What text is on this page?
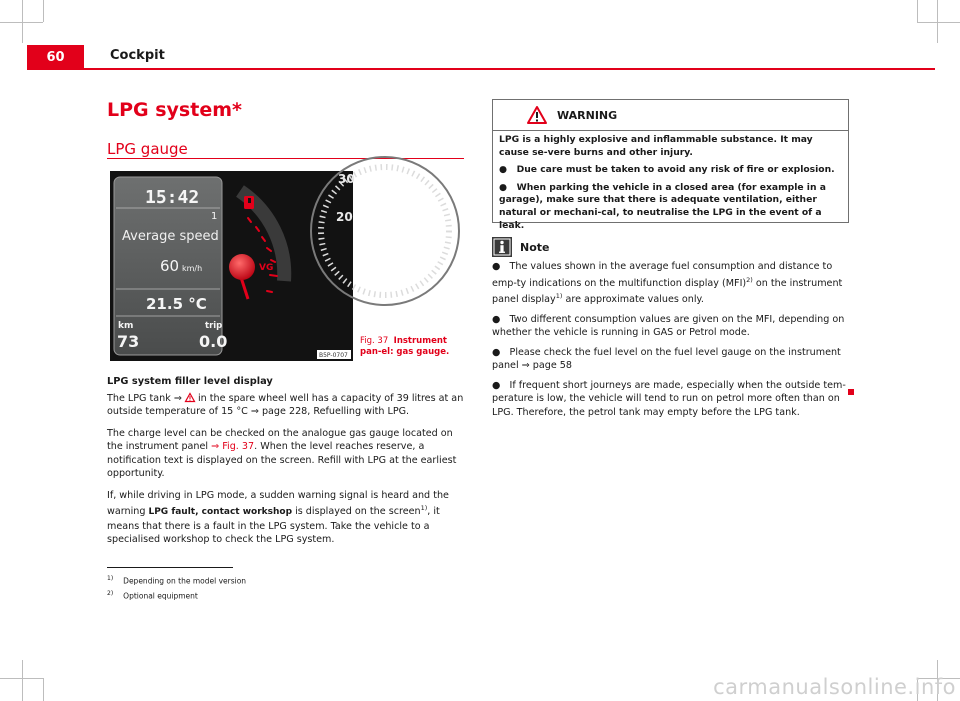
60	Cockpit
LPG system*
LPG gauge
15:42
1
Average speed
60 km/h
21.5 °C
km
73
trip
0.0
VG
30
20
B5P-0707
Fig. 37 Instrument pan-el: gas gauge.

LPG system filler level display

The LPG tank ⇒  in the spare wheel well has a capacity of 39 litres at an outside temperature of 15 °C ⇒ page 228, Refuelling with LPG.

The charge level can be checked on the analogue gas gauge located on the instrument panel ⇒ Fig. 37. When the level reaches reserve, a notification text is displayed on the screen. Refill with LPG at the earliest opportunity.

If, while driving in LPG mode, a sudden warning signal is heard and the warning LPG fault, contact workshop is displayed on the screen$^{1)}$, it means that there is a fault in the LPG system. Take the vehicle to a specialised workshop to check the LPG system.

WARNING

LPG is a highly explosive and inflammable substance. It may cause se-vere burns and other injury.

●   Due care must be taken to avoid any risk of fire or explosion.

●   When parking the vehicle in a closed area (for example in a garage), make sure that there is adequate ventilation, either natural or mechani-cal, to neutralise the LPG in the event of a leak.

Note

●   The values shown in the average fuel consumption and distance to emp-ty indications on the multifunction display (MFI)$^{2)}$ on the instrument panel display$^{1)}$ are approximate values only.

●   Two different consumption values are given on the MFI, depending on whether the vehicle is running in GAS or Petrol mode.

●   Please check the fuel level on the fuel level gauge on the instrument panel ⇒ page 58

●   If frequent short journeys are made, especially when the outside tem-perature is low, the vehicle will tend to run on petrol more often than on LPG. Therefore, the petrol tank may empty before the LPG tank.

$^{1)}$ Depending on the model version
$^{2)}$ Optional equipment
carmanualsonline.info
